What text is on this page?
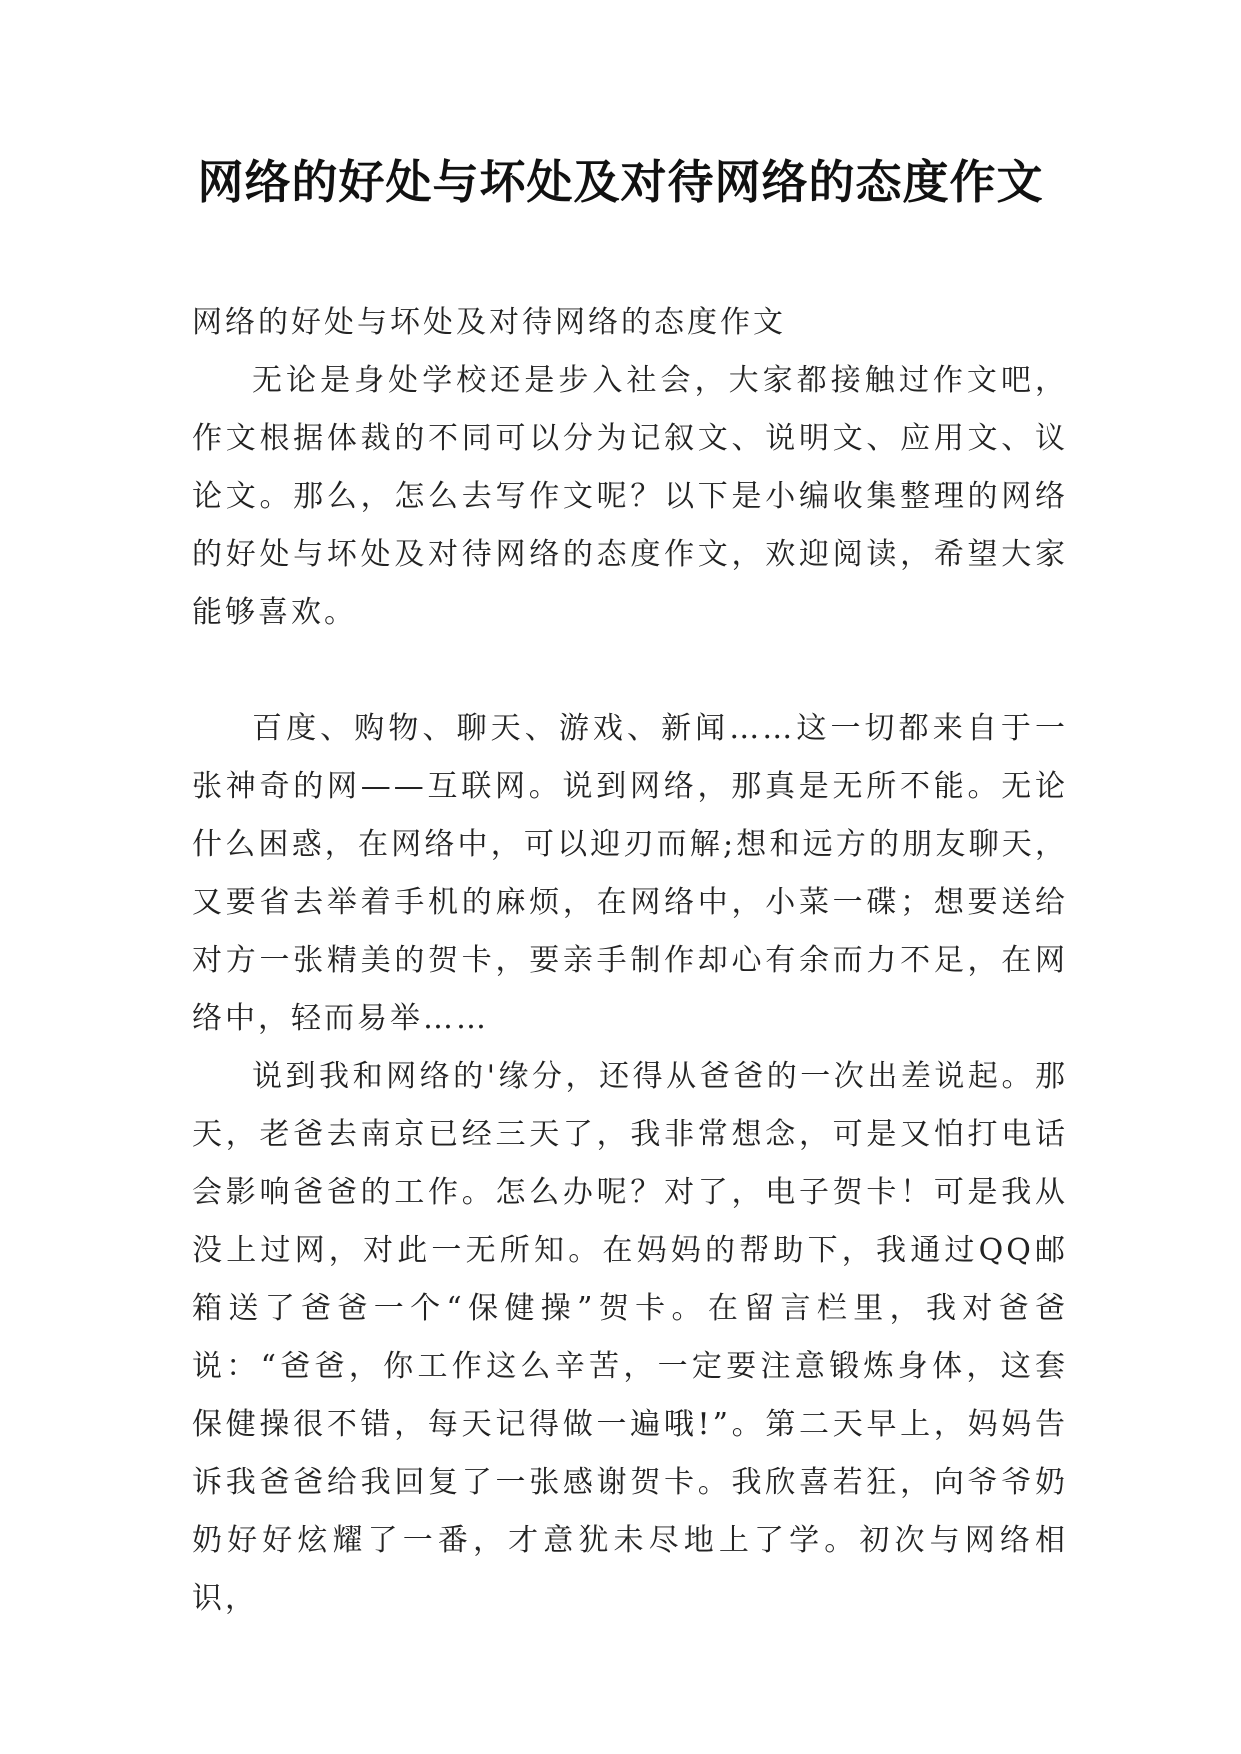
网络的好处与坏处及对待网络的态度作文

网络的好处与坏处及对待网络的态度作文

无论是身处学校还是步入社会，大家都接触过作文吧，作文根据体裁的不同可以分为记叙文、说明文、应用文、议论文。那么，怎么去写作文呢？以下是小编收集整理的网络的好处与坏处及对待网络的态度作文，欢迎阅读，希望大家能够喜欢。

百度、购物、聊天、游戏、新闻……这一切都来自于一张神奇的网——互联网。说到网络，那真是无所不能。无论什么困惑，在网络中，可以迎刃而解;想和远方的朋友聊天，又要省去举着手机的麻烦，在网络中，小菜一碟；想要送给对方一张精美的贺卡，要亲手制作却心有余而力不足，在网络中，轻而易举……

说到我和网络的'缘分，还得从爸爸的一次出差说起。那天，老爸去南京已经三天了，我非常想念，可是又怕打电话会影响爸爸的工作。怎么办呢？对了，电子贺卡！可是我从没上过网，对此一无所知。在妈妈的帮助下，我通过QQ邮箱送了爸爸一个“保健操”贺卡。在留言栏里，我对爸爸说：“爸爸，你工作这么辛苦，一定要注意锻炼身体，这套保健操很不错，每天记得做一遍哦!”。第二天早上，妈妈告诉我爸爸给我回复了一张感谢贺卡。我欣喜若狂，向爷爷奶奶好好炫耀了一番，才意犹未尽地上了学。初次与网络相识，
